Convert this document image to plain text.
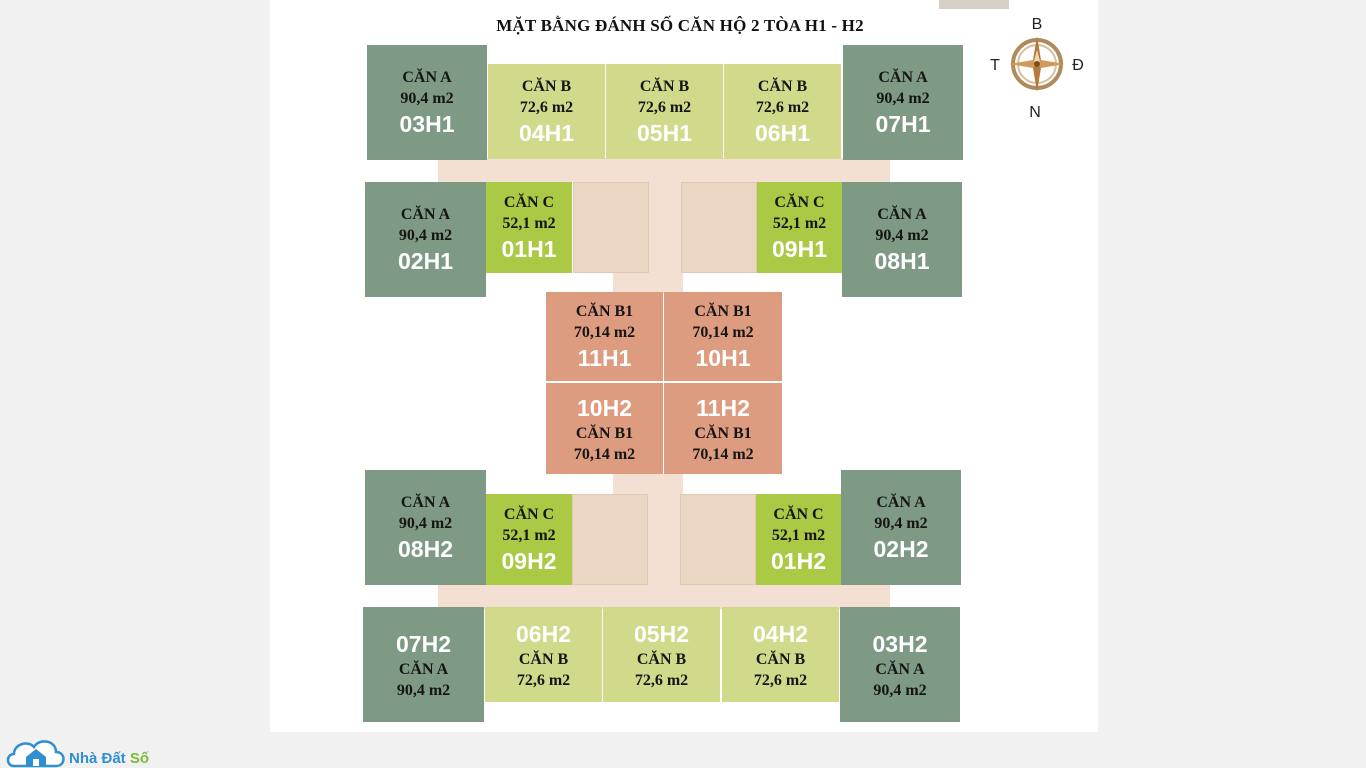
MẶT BẰNG ĐÁNH SỐ CĂN HỘ 2 TÒA H1 - H2
CĂN A
90,4 m2
03H1
CĂN B
72,6 m2
04H1
CĂN B
72,6 m2
05H1
CĂN B
72,6 m2
06H1
CĂN A
90,4 m2
07H1
CĂN A
90,4 m2
02H1
CĂN C
52,1 m2
01H1
CĂN C
52,1 m2
09H1
CĂN A
90,4 m2
08H1
CĂN B1
70,14 m2
11H1
CĂN B1
70,14 m2
10H1
10H2
CĂN B1
70,14 m2
11H2
CĂN B1
70,14 m2
CĂN A
90,4 m2
08H2
CĂN C
52,1 m2
09H2
CĂN C
52,1 m2
01H2
CĂN A
90,4 m2
02H2
07H2
CĂN A
90,4 m2
06H2
CĂN B
72,6 m2
05H2
CĂN B
72,6 m2
04H2
CĂN B
72,6 m2
03H2
CĂN A
90,4 m2
B
N
T	Đ
Nhà Đất Số
